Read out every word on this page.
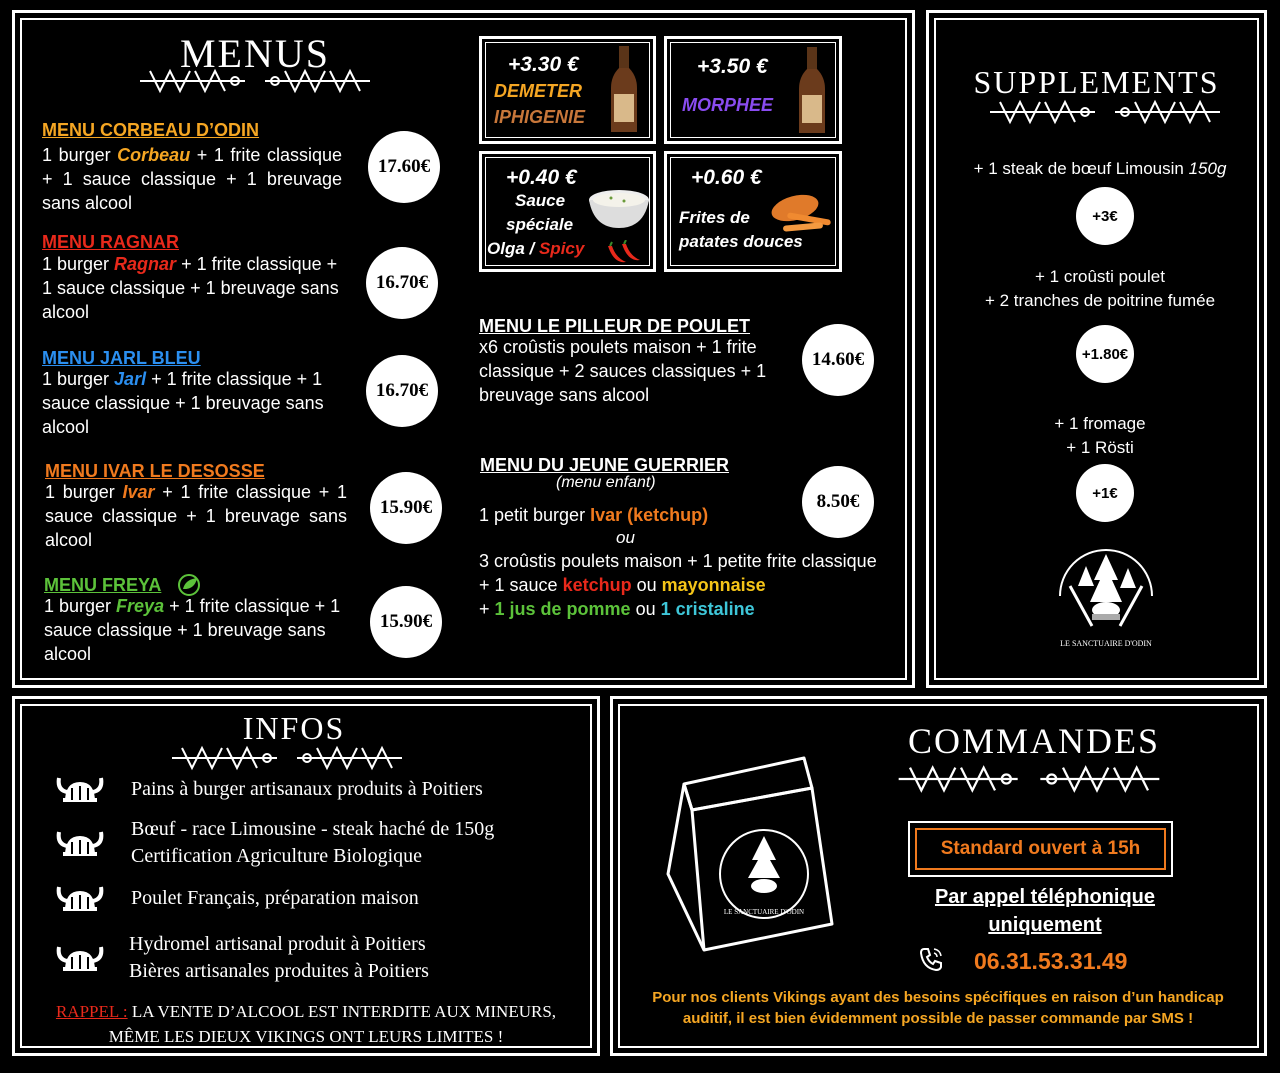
MENUS
MENU CORBEAU D’ODIN
1 burger Corbeau + 1 frite classique + 1 sauce classique + 1 breuvage sans alcool
17.60€
MENU RAGNAR
1 burger Ragnar + 1 frite classique + 1 sauce classique + 1 breuvage sans alcool
16.70€
MENU JARL BLEU
1 burger Jarl + 1 frite classique + 1 sauce classique + 1 breuvage sans alcool
16.70€
MENU IVAR LE DESOSSE
1 burger Ivar + 1 frite classique + 1 sauce classique + 1 breuvage sans alcool
15.90€
MENU FREYA
1 burger Freya + 1 frite classique + 1 sauce classique + 1 breuvage sans alcool
15.90€
+3.30 €
DEMETER
IPHIGENIE
+3.50 €
MORPHEE
+0.40 €
Sauce
spéciale
Olga / Spicy
+0.60 €
Frites de
patates douces
MENU LE PILLEUR DE POULET
x6 croûstis poulets maison + 1 frite classique + 2 sauces classiques + 1 breuvage sans alcool
14.60€
MENU DU JEUNE GUERRIER
(menu enfant)
1 petit burger Ivar (ketchup)
ou
3 croûstis poulets maison + 1 petite frite classique + 1 sauce ketchup ou mayonnaise
+ 1 jus de pomme ou 1 cristaline
8.50€
SUPPLEMENTS
+ 1 steak de bœuf Limousin 150g
+3€
+ 1 croûsti poulet
+ 2 tranches de poitrine fumée
+1.80€
+ 1 fromage
+ 1 Rösti
+1€
LE SANCTUAIRE D'ODIN
INFOS
Pains à burger artisanaux produits à Poitiers
Bœuf - race Limousine - steak haché de 150g
Certification Agriculture Biologique
Poulet Français, préparation maison
Hydromel artisanal produit à Poitiers
Bières artisanales produites à Poitiers
RAPPEL : LA VENTE D’ALCOOL EST INTERDITE AUX MINEURS,
MÊME LES DIEUX VIKINGS ONT LEURS LIMITES !
LE SANCTUAIRE D'ODIN
COMMANDES
Standard ouvert à 15h
Par appel téléphonique
uniquement
06.31.53.31.49
Pour nos clients Vikings ayant des besoins spécifiques en raison d’un handicap auditif, il est bien évidemment possible de passer commande par SMS !
